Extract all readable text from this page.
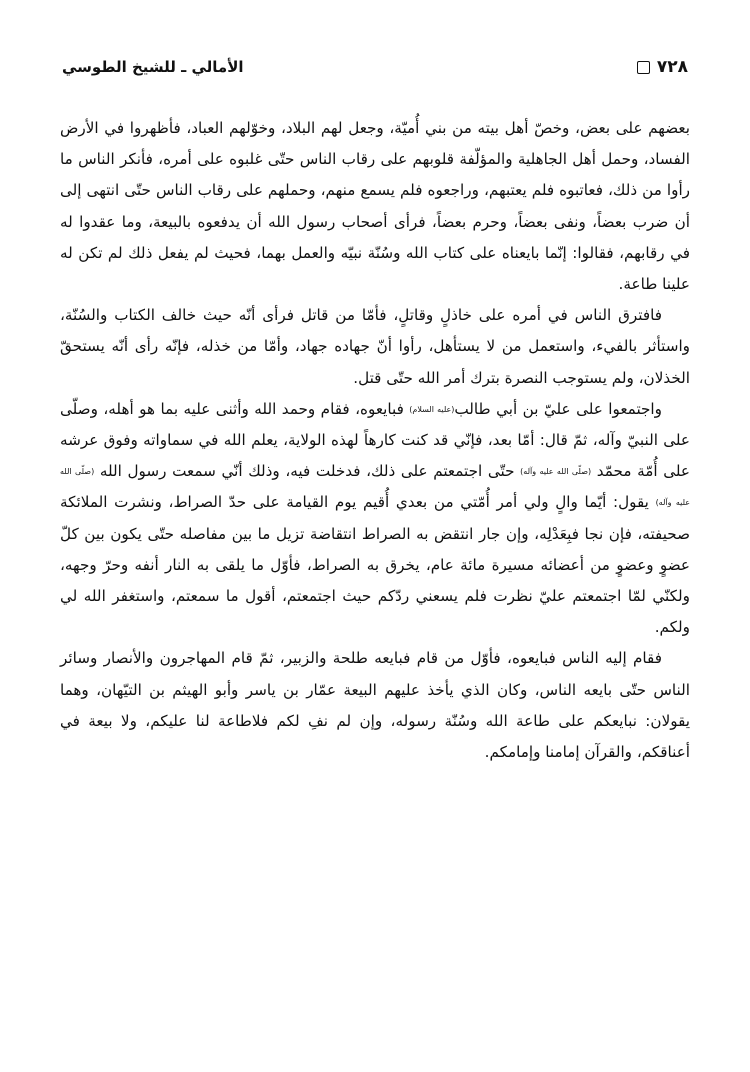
٧٢٨
الأمالي ـ للشيخ الطوسي

بعضهم على بعض، وخصّ أهل بيته من بني أُميّة، وجعل لهم البلاد، وخوّلهم العباد، فأظهروا في الأرض الفساد، وحمل أهل الجاهلية والمؤلّفة قلوبهم على رقاب الناس حتّى غلبوه على أمره، فأنكر الناس ما رأوا من ذلك، فعاتبوه فلم يعتبهم، وراجعوه فلم يسمع منهم، وحملهم على رقاب الناس حتّى انتهى إلى أن ضرب بعضاً، ونفى بعضاً، وحرم بعضاً، فرأى أصحاب رسول الله أن يدفعوه بالبيعة، وما عقدوا له في رقابهم، فقالوا: إنّما بايعناه على كتاب الله وسُنّة نبيّه والعمل بهما، فحيث لم يفعل ذلك لم تكن له علينا طاعة.

فافترق الناس في أمره على خاذلٍ وقاتلٍ، فأمّا من قاتل فرأى أنّه حيث خالف الكتاب والسُنّة، واستأثر بالفيء، واستعمل من لا يستأهل، رأوا أنّ جهاده جهاد، وأمّا من خذله، فإنّه رأى أنّه يستحقّ الخذلان، ولم يستوجب النصرة بترك أمر الله حتّى قتل.

واجتمعوا على عليّ بن أبي طالب(عليه السلام) فبايعوه، فقام وحمد الله وأثنى عليه بما هو أهله، وصلّى على النبيّ وآله، ثمّ قال: أمّا بعد، فإنّي قد كنت كارهاً لهذه الولاية، يعلم الله في سماواته وفوق عرشه على أُمّة محمّد (صلّى الله عليه وآله) حتّى اجتمعتم على ذلك، فدخلت فيه، وذلك أنّي سمعت رسول الله (صلّى الله عليه وآله) يقول: أيّما والٍ ولي أمر أُمّتي من بعدي أُقيم يوم القيامة على حدّ الصراط، ونشرت الملائكة صحيفته، فإن نجا فبِعَدْلِه، وإن جار انتقض به الصراط انتقاضة تزيل ما بين مفاصله حتّى يكون بين كلّ عضوٍ وعضوٍ من أعضائه مسيرة مائة عام، يخرق به الصراط، فأوّل ما يلقى به النار أنفه وحرّ وجهه، ولكنّي لمّا اجتمعتم عليّ نظرت فلم يسعني ردّكم حيث اجتمعتم، أقول ما سمعتم، واستغفر الله لي ولكم.

فقام إليه الناس فبايعوه، فأوّل من قام فبايعه طلحة والزبير، ثمّ قام المهاجرون والأنصار وسائر الناس حتّى بايعه الناس، وكان الذي يأخذ عليهم البيعة عمّار بن ياسر وأبو الهيثم بن التيّهان، وهما يقولان: نبايعكم على طاعة الله وسُنّة رسوله، وإن لم نفِ لكم فلاطاعة لنا عليكم، ولا بيعة في أعناقكم، والقرآن إمامنا وإمامكم.
